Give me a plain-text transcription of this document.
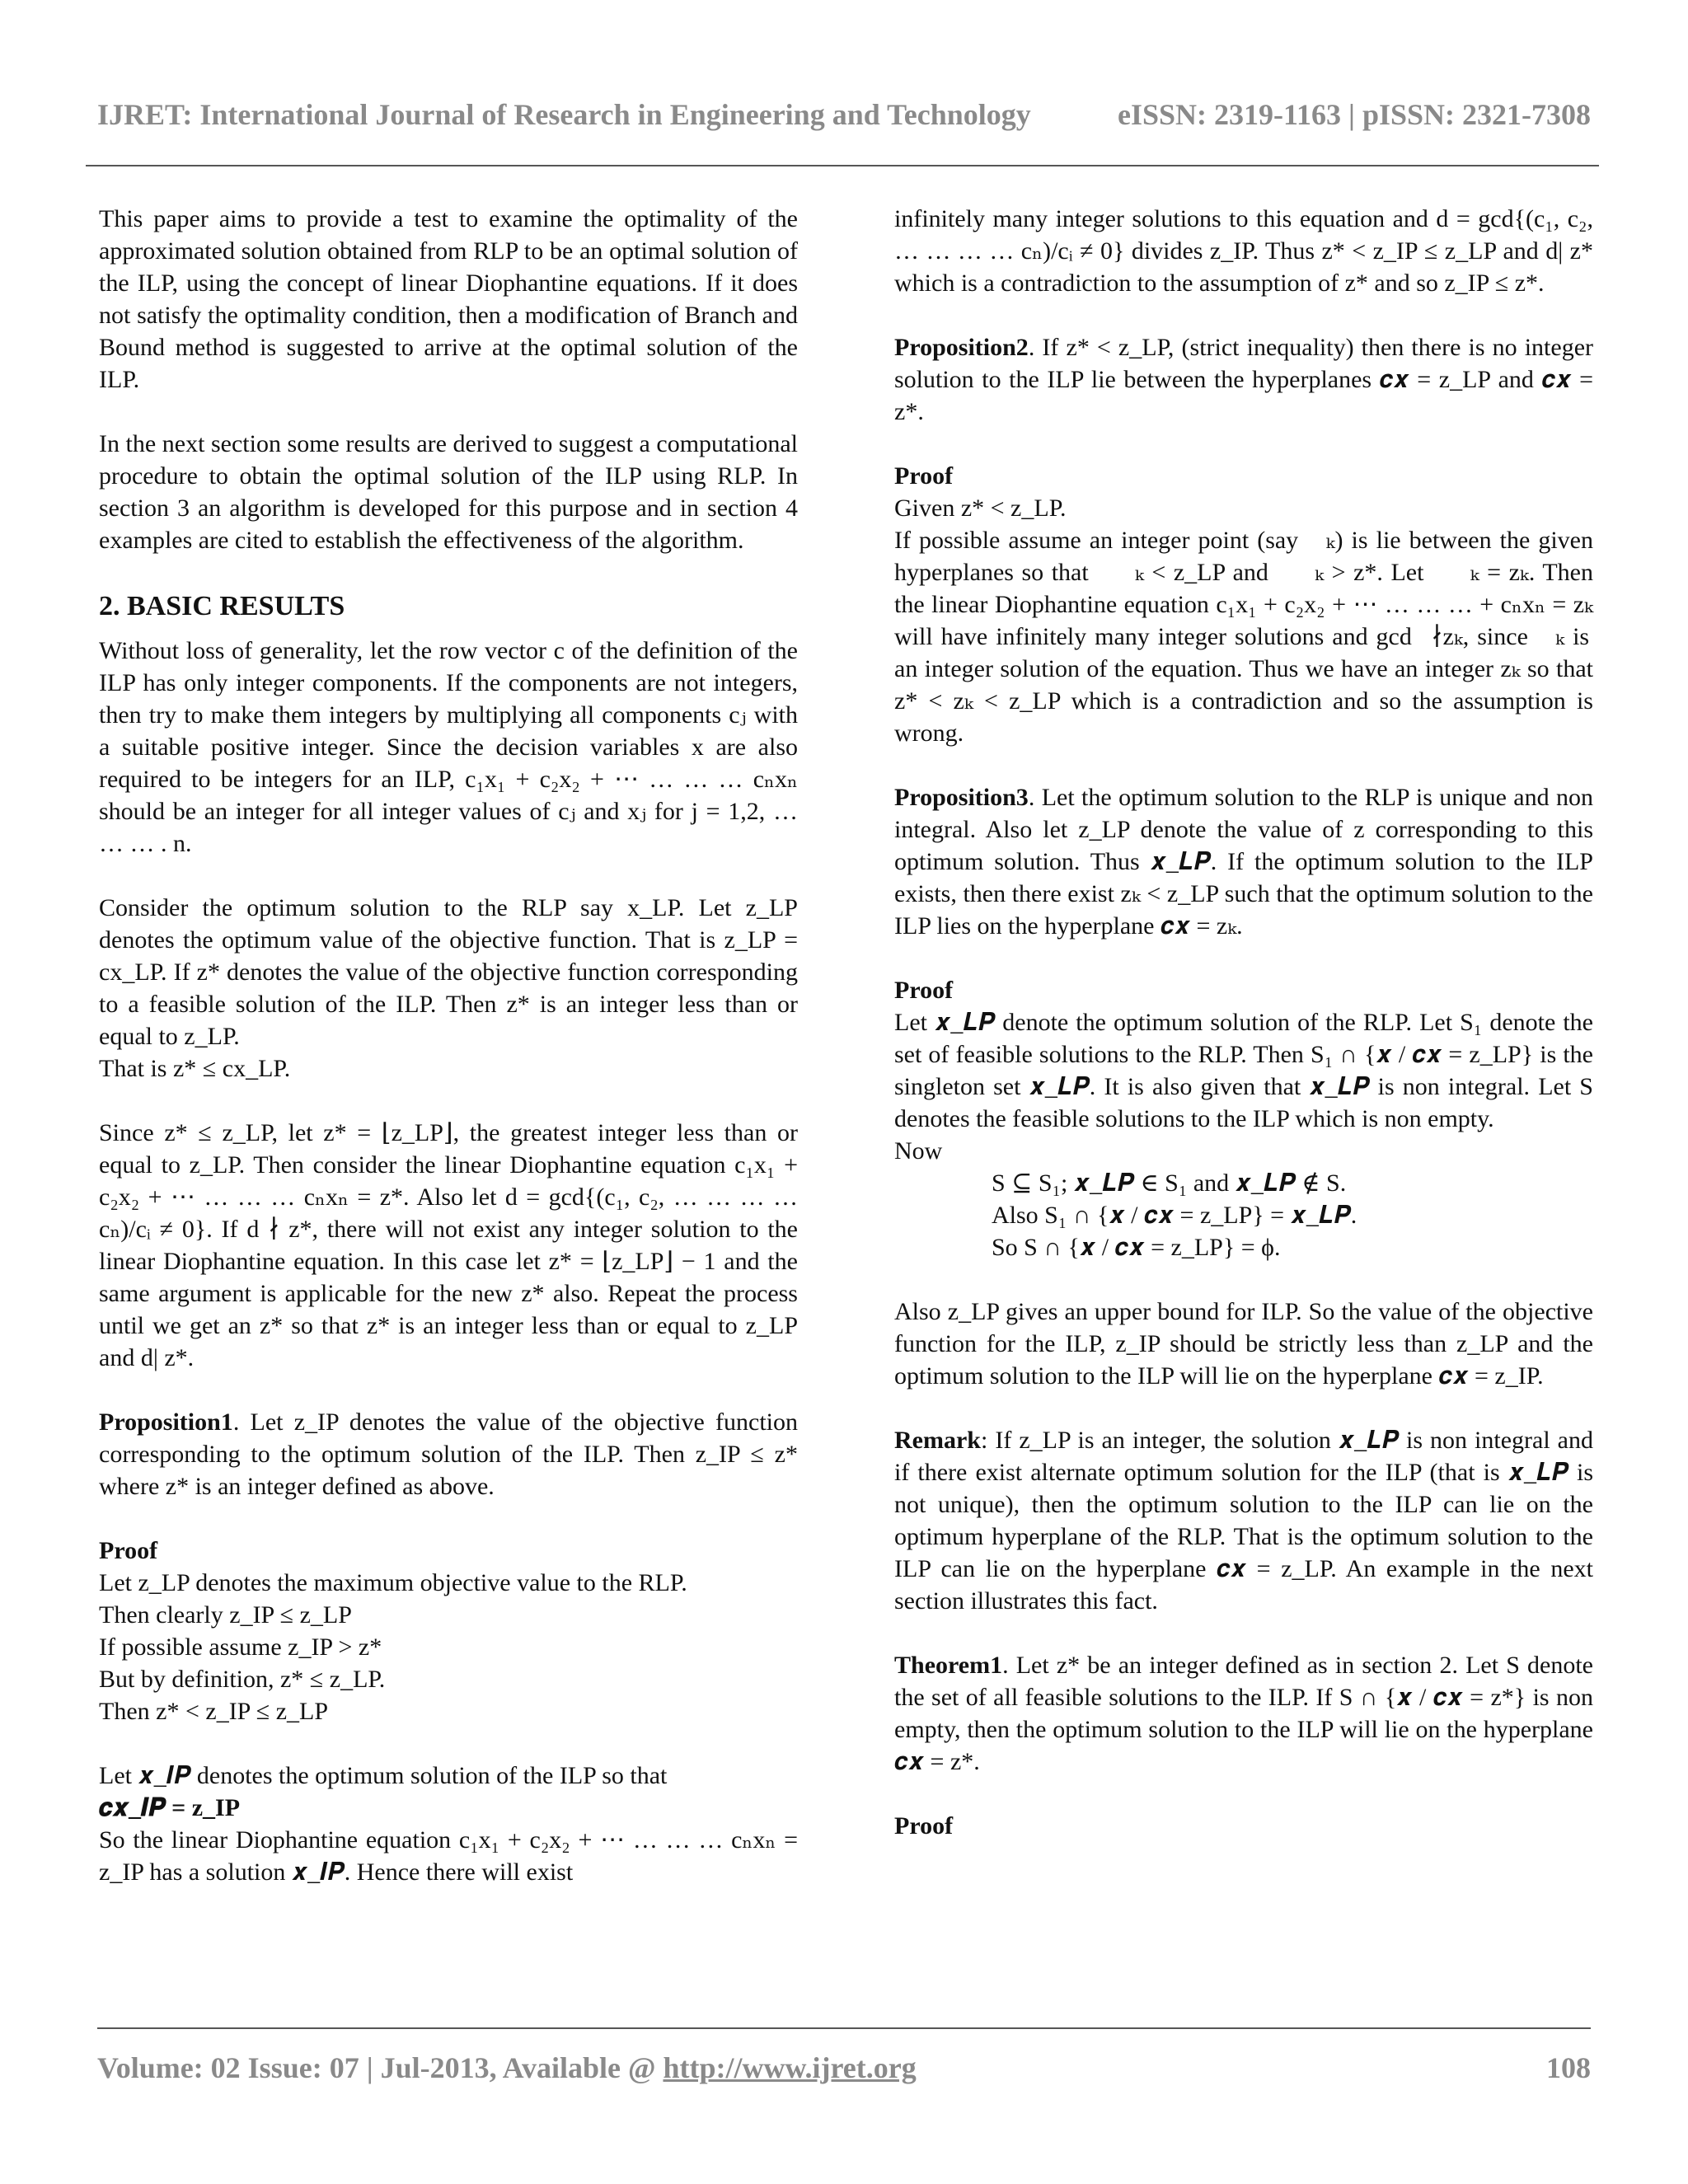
IJRET: International Journal of Research in Engineering and Technology	eISSN: 2319-1163 | pISSN: 2321-7308

This paper aims to provide a test to examine the optimality of the approximated solution obtained from RLP to be an optimal solution of the ILP, using the concept of linear Diophantine equations. If it does not satisfy the optimality condition, then a modification of Branch and Bound method is suggested to arrive at the optimal solution of the ILP.

In the next section some results are derived to suggest a computational procedure to obtain the optimal solution of the ILP using RLP. In section 3 an algorithm is developed for this purpose and in section 4 examples are cited to establish the effectiveness of the algorithm.

2. BASIC RESULTS

Without loss of generality, let the row vector c of the definition of the ILP has only integer components. If the components are not integers, then try to make them integers by multiplying all components cⱼ with a suitable positive integer. Since the decision variables x are also required to be integers for an ILP, c₁x₁ + c₂x₂ + ⋯ … … … cₙxₙ should be an integer for all integer values of cⱼ and xⱼ for j = 1,2, … … … . n.

Consider the optimum solution to the RLP say x_LP. Let z_LP denotes the optimum value of the objective function. That is z_LP = cx_LP. If z* denotes the value of the objective function corresponding to a feasible solution of the ILP. Then z* is an integer less than or equal to z_LP.
That is z* ≤ cx_LP.

Since z* ≤ z_LP, let z* = ⌊z_LP⌋, the greatest integer less than or equal to z_LP. Then consider the linear Diophantine equation c₁x₁ + c₂x₂ + ⋯ … … … cₙxₙ = z*. Also let d = gcd{(c₁, c₂, … … … … cₙ)/cᵢ ≠ 0}. If d ∤ z*, there will not exist any integer solution to the linear Diophantine equation. In this case let z* = ⌊z_LP⌋ − 1 and the same argument is applicable for the new z* also. Repeat the process until we get an z* so that z* is an integer less than or equal to z_LP and d| z*.

Proposition1. Let z_IP denotes the value of the objective function corresponding to the optimum solution of the ILP. Then z_IP ≤ z* where z* is an integer defined as above.

Proof

Let z_LP denotes the maximum objective value to the RLP.
Then clearly z_IP ≤ z_LP
If possible assume z_IP > z*
But by definition, z* ≤ z_LP.
Then z* < z_IP ≤ z_LP

Let 𝒙_𝑰𝑷 denotes the optimum solution of the ILP so that
𝒄𝒙_𝑰𝑷 = z_IP
So the linear Diophantine equation c₁x₁ + c₂x₂ + ⋯ … … … cₙxₙ = z_IP has a solution 𝒙_𝑰𝑷. Hence there will exist

infinitely many integer solutions to this equation and d = gcd{(c₁, c₂, … … … … cₙ)/cᵢ ≠ 0} divides z_IP. Thus z* < z_IP ≤ z_LP and d| z* which is a contradiction to the assumption of z* and so z_IP ≤ z*.

Proposition2. If z* < z_LP, (strict inequality) then there is no integer solution to the ILP lie between the hyperplanes 𝒄𝒙 = z_LP and 𝒄𝒙 = z*.

Proof

Given z* < z_LP.
If possible assume an integer point (say 𝒙ₖ) is lie between the given hyperplanes so that 𝒄𝒙ₖ < z_LP and 𝒄𝒙ₖ > z*. Let 𝒄𝒙ₖ = zₖ. Then the linear Diophantine equation c₁x₁ + c₂x₂ + ⋯ … … … + cₙxₙ = zₖ will have infinitely many integer solutions and gcd⃞∤zₖ, since 𝒙ₖ is an integer solution of the equation. Thus we have an integer zₖ so that z* < zₖ < z_LP which is a contradiction and so the assumption is wrong.

Proposition3. Let the optimum solution to the RLP is unique and non integral. Also let z_LP denote the value of z corresponding to this optimum solution. Thus 𝒙_𝑳𝑷. If the optimum solution to the ILP exists, then there exist zₖ < z_LP such that the optimum solution to the ILP lies on the hyperplane 𝒄𝒙 = zₖ.

Proof

Let 𝒙_𝑳𝑷 denote the optimum solution of the RLP. Let S₁ denote the set of feasible solutions to the RLP. Then S₁ ∩ {𝒙 / 𝒄𝒙 = z_LP} is the singleton set 𝒙_𝑳𝑷. It is also given that 𝒙_𝑳𝑷 is non integral. Let S denotes the feasible solutions to the ILP which is non empty.
Now
S ⊆ S₁; 𝒙_𝑳𝑷 ∈ S₁ and 𝒙_𝑳𝑷 ∉ S.
Also S₁ ∩ {𝒙 / 𝒄𝒙 = z_LP} = 𝒙_𝑳𝑷.
So S ∩ {𝒙 / 𝒄𝒙 = z_LP} = ϕ.

Also z_LP gives an upper bound for ILP. So the value of the objective function for the ILP, z_IP should be strictly less than z_LP and the optimum solution to the ILP will lie on the hyperplane 𝒄𝒙 = z_IP.

Remark: If z_LP is an integer, the solution 𝒙_𝑳𝑷 is non integral and if there exist alternate optimum solution for the ILP (that is 𝒙_𝑳𝑷 is not unique), then the optimum solution to the ILP can lie on the optimum hyperplane of the RLP. That is the optimum solution to the ILP can lie on the hyperplane 𝒄𝒙 = z_LP. An example in the next section illustrates this fact.

Theorem1. Let z* be an integer defined as in section 2. Let S denote the set of all feasible solutions to the ILP. If S ∩ {𝒙 / 𝒄𝒙 = z*} is non empty, then the optimum solution to the ILP will lie on the hyperplane 𝒄𝒙 = z*.

Proof
Volume: 02 Issue: 07 | Jul-2013, Available @ http://www.ijret.org	108
